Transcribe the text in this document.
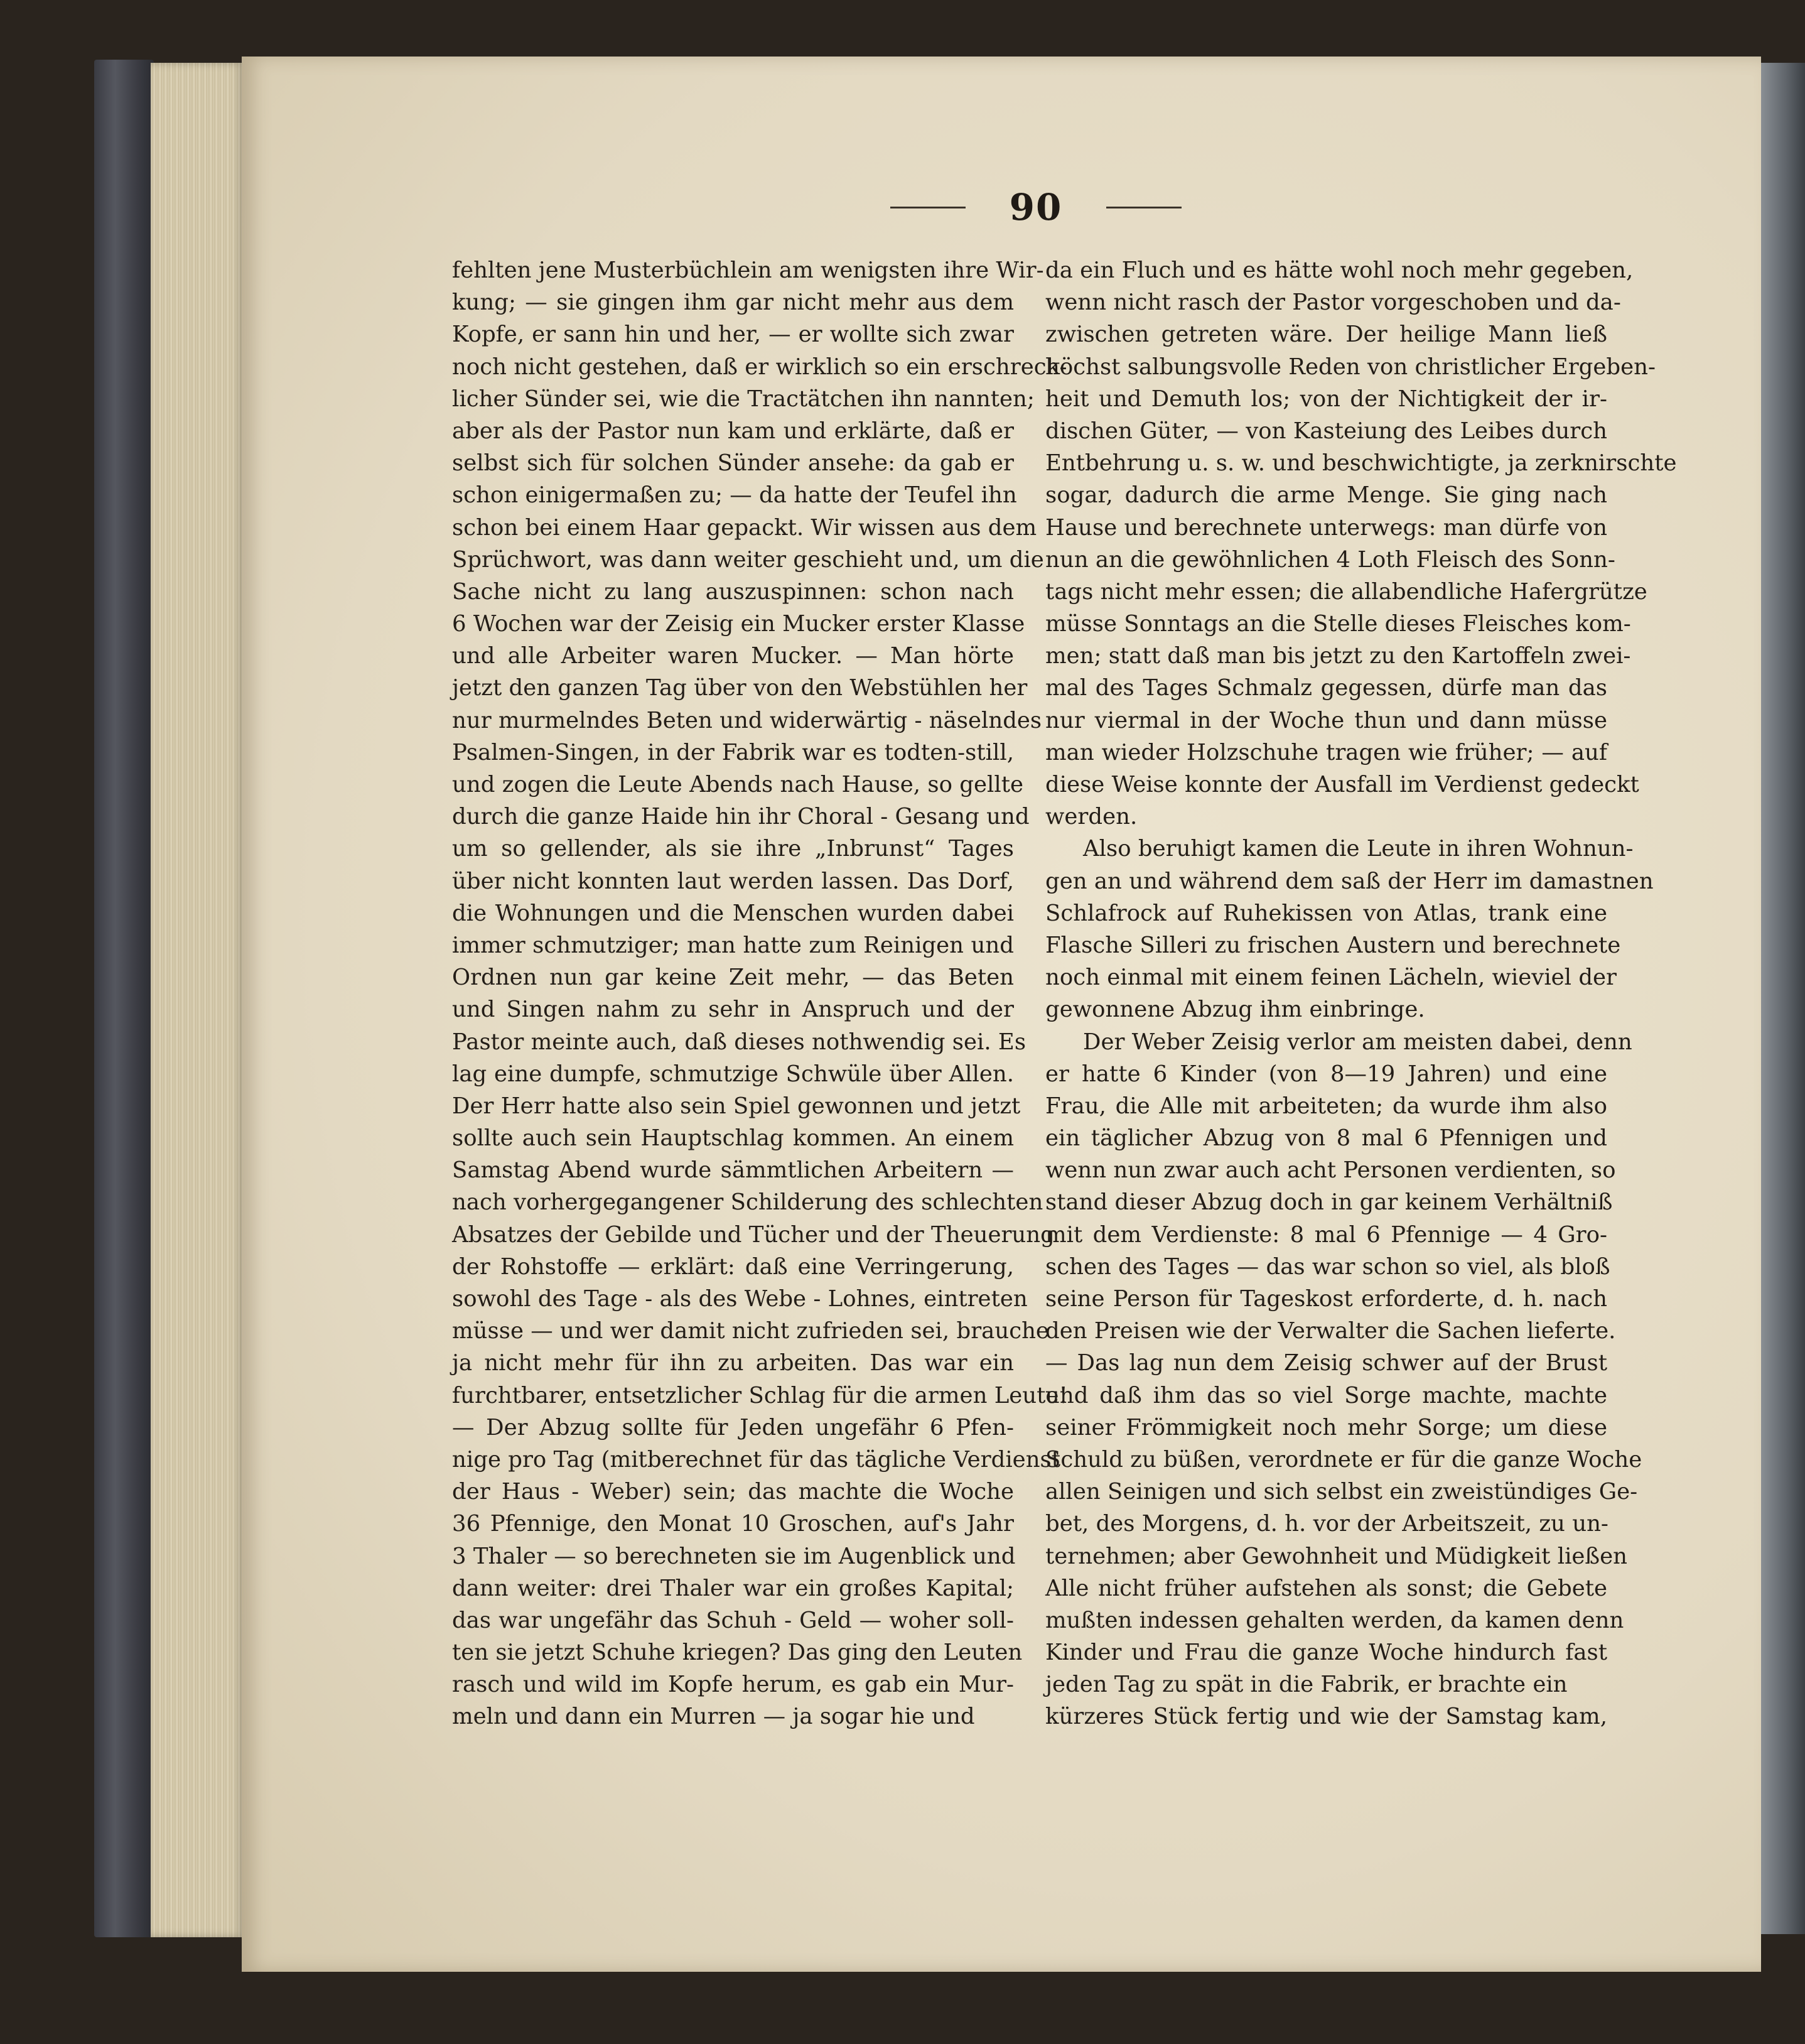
90
fehlten jene Musterbüchlein am wenigsten ihre Wir-
kung; — sie gingen ihm gar nicht mehr aus dem
Kopfe, er sann hin und her, — er wollte sich zwar
noch nicht gestehen, daß er wirklich so ein erschreck-
licher Sünder sei, wie die Tractätchen ihn nannten;
aber als der Pastor nun kam und erklärte, daß er
selbst sich für solchen Sünder ansehe: da gab er
schon einigermaßen zu; — da hatte der Teufel ihn
schon bei einem Haar gepackt. Wir wissen aus dem
Sprüchwort, was dann weiter geschieht und, um die
Sache nicht zu lang auszuspinnen: schon nach
6 Wochen war der Zeisig ein Mucker erster Klasse
und alle Arbeiter waren Mucker. — Man hörte
jetzt den ganzen Tag über von den Webstühlen her
nur murmelndes Beten und widerwärtig - näselndes
Psalmen-Singen, in der Fabrik war es todten-still,
und zogen die Leute Abends nach Hause, so gellte
durch die ganze Haide hin ihr Choral - Gesang und
um so gellender, als sie ihre „Inbrunst“ Tages
über nicht konnten laut werden lassen. Das Dorf,
die Wohnungen und die Menschen wurden dabei
immer schmutziger; man hatte zum Reinigen und
Ordnen nun gar keine Zeit mehr, — das Beten
und Singen nahm zu sehr in Anspruch und der
Pastor meinte auch, daß dieses nothwendig sei. Es
lag eine dumpfe, schmutzige Schwüle über Allen.
Der Herr hatte also sein Spiel gewonnen und jetzt
sollte auch sein Hauptschlag kommen. An einem
Samstag Abend wurde sämmtlichen Arbeitern —
nach vorhergegangener Schilderung des schlechten
Absatzes der Gebilde und Tücher und der Theuerung
der Rohstoffe — erklärt: daß eine Verringerung,
sowohl des Tage - als des Webe - Lohnes, eintreten
müsse — und wer damit nicht zufrieden sei, brauche
ja nicht mehr für ihn zu arbeiten. Das war ein
furchtbarer, entsetzlicher Schlag für die armen Leute!
— Der Abzug sollte für Jeden ungefähr 6 Pfen-
nige pro Tag (mitberechnet für das tägliche Verdienst
der Haus - Weber) sein; das machte die Woche
36 Pfennige, den Monat 10 Groschen, auf's Jahr
3 Thaler — so berechneten sie im Augenblick und
dann weiter: drei Thaler war ein großes Kapital;
das war ungefähr das Schuh - Geld — woher soll-
ten sie jetzt Schuhe kriegen? Das ging den Leuten
rasch und wild im Kopfe herum, es gab ein Mur-
meln und dann ein Murren — ja sogar hie und
da ein Fluch und es hätte wohl noch mehr gegeben,
wenn nicht rasch der Pastor vorgeschoben und da-
zwischen getreten wäre. Der heilige Mann ließ
höchst salbungsvolle Reden von christlicher Ergeben-
heit und Demuth los; von der Nichtigkeit der ir-
dischen Güter, — von Kasteiung des Leibes durch
Entbehrung u. s. w. und beschwichtigte, ja zerknirschte
sogar, dadurch die arme Menge. Sie ging nach
Hause und berechnete unterwegs: man dürfe von
nun an die gewöhnlichen 4 Loth Fleisch des Sonn-
tags nicht mehr essen; die allabendliche Hafergrütze
müsse Sonntags an die Stelle dieses Fleisches kom-
men; statt daß man bis jetzt zu den Kartoffeln zwei-
mal des Tages Schmalz gegessen, dürfe man das
nur viermal in der Woche thun und dann müsse
man wieder Holzschuhe tragen wie früher; — auf
diese Weise konnte der Ausfall im Verdienst gedeckt
werden.
Also beruhigt kamen die Leute in ihren Wohnun-
gen an und während dem saß der Herr im damastnen
Schlafrock auf Ruhekissen von Atlas, trank eine
Flasche Silleri zu frischen Austern und berechnete
noch einmal mit einem feinen Lächeln, wieviel der
gewonnene Abzug ihm einbringe.
Der Weber Zeisig verlor am meisten dabei, denn
er hatte 6 Kinder (von 8—19 Jahren) und eine
Frau, die Alle mit arbeiteten; da wurde ihm also
ein täglicher Abzug von 8 mal 6 Pfennigen und
wenn nun zwar auch acht Personen verdienten, so
stand dieser Abzug doch in gar keinem Verhältniß
mit dem Verdienste: 8 mal 6 Pfennige — 4 Gro-
schen des Tages — das war schon so viel, als bloß
seine Person für Tageskost erforderte, d. h. nach
den Preisen wie der Verwalter die Sachen lieferte.
— Das lag nun dem Zeisig schwer auf der Brust
und daß ihm das so viel Sorge machte, machte
seiner Frömmigkeit noch mehr Sorge; um diese
Schuld zu büßen, verordnete er für die ganze Woche
allen Seinigen und sich selbst ein zweistündiges Ge-
bet, des Morgens, d. h. vor der Arbeitszeit, zu un-
ternehmen; aber Gewohnheit und Müdigkeit ließen
Alle nicht früher aufstehen als sonst; die Gebete
mußten indessen gehalten werden, da kamen denn
Kinder und Frau die ganze Woche hindurch fast
jeden Tag zu spät in die Fabrik, er brachte ein
kürzeres Stück fertig und wie der Samstag kam,
